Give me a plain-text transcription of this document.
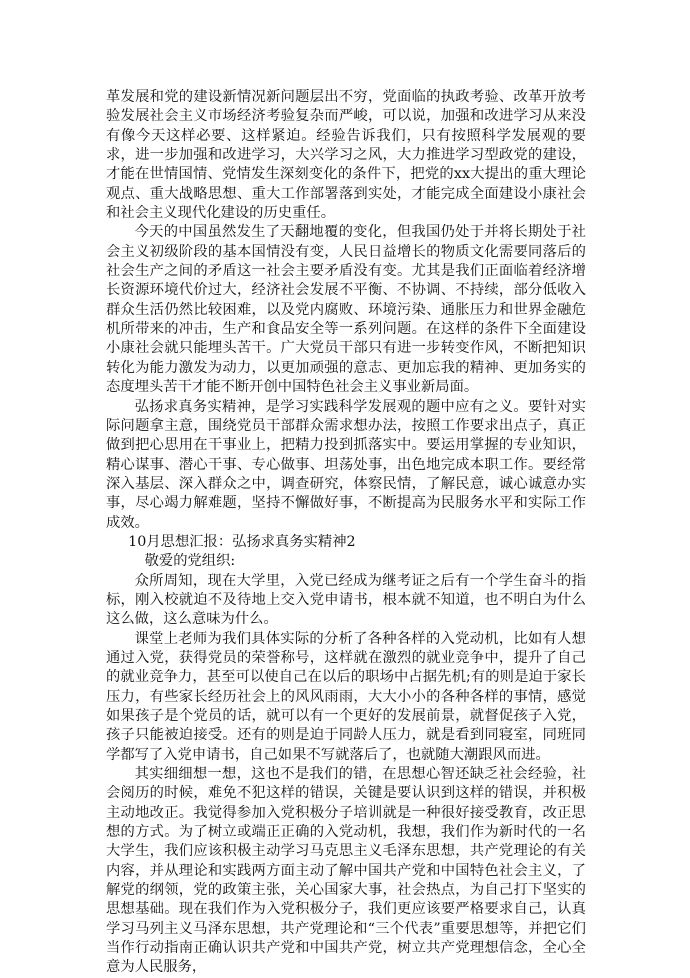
革发展和党的建设新情况新问题层出不穷，党面临的执政考验、改革开放考验发展社会主义市场经济考验复杂而严峻，可以说，加强和改进学习从来没有像今天这样必要、这样紧迫。经验告诉我们，只有按照科学发展观的要求，进一步加强和改进学习，大兴学习之风，大力推进学习型政党的建设，才能在世情国情、党情发生深刻变化的条件下，把党的xx大提出的重大理论观点、重大战略思想、重大工作部署落到实处，才能完成全面建设小康社会和社会主义现代化建设的历史重任。

今天的中国虽然发生了天翻地覆的变化，但我国仍处于并将长期处于社会主义初级阶段的基本国情没有变，人民日益增长的物质文化需要同落后的社会生产之间的矛盾这一社会主要矛盾没有变。尤其是我们正面临着经济增长资源环境代价过大，经济社会发展不平衡、不协调、不持续，部分低收入群众生活仍然比较困难，以及党内腐败、环境污染、通胀压力和世界金融危机所带来的冲击，生产和食品安全等一系列问题。在这样的条件下全面建设小康社会就只能埋头苦干。广大党员干部只有进一步转变作风，不断把知识转化为能力激发为动力，以更加顽强的意志、更加忘我的精神、更加务实的态度埋头苦干才能不断开创中国特色社会主义事业新局面。

弘扬求真务实精神，是学习实践科学发展观的题中应有之义。要针对实际问题拿主意，围绕党员干部群众需求想办法，按照工作要求出点子，真正做到把心思用在干事业上，把精力投到抓落实中。要运用掌握的专业知识，精心谋事、潜心干事、专心做事、坦荡处事，出色地完成本职工作。要经常深入基层、深入群众之中，调查研究，体察民情，了解民意，诚心诚意办实事，尽心竭力解难题，坚持不懈做好事，不断提高为民服务水平和实际工作成效。

10月思想汇报：弘扬求真务实精神2

敬爱的党组织:

众所周知，现在大学里，入党已经成为继考证之后有一个学生奋斗的指标，刚入校就迫不及待地上交入党申请书，根本就不知道，也不明白为什么这么做，这么意味为什么。

课堂上老师为我们具体实际的分析了各种各样的入党动机，比如有人想通过入党，获得党员的荣誉称号，这样就在激烈的就业竞争中，提升了自己的就业竞争力，甚至可以使自己在以后的职场中占据先机;有的则是迫于家长压力，有些家长经历社会上的风风雨雨，大大小小的各种各样的事情，感觉如果孩子是个党员的话，就可以有一个更好的发展前景，就督促孩子入党，孩子只能被迫接受。还有的则是迫于同龄人压力，就是看到同寝室，同班同学都写了入党申请书，自己如果不写就落后了，也就随大潮跟风而进。

其实细细想一想，这也不是我们的错，在思想心智还缺乏社会经验，社会阅历的时候，难免不犯这样的错误，关键是要认识到这样的错误，并积极主动地改正。我觉得参加入党积极分子培训就是一种很好接受教育，改正思想的方式。为了树立或端正正确的入党动机，我想，我们作为新时代的一名大学生，我们应该积极主动学习马克思主义毛泽东思想，共产党理论的有关内容，并从理论和实践两方面主动了解中国共产党和中国特色社会主义，了解党的纲领，党的政策主张，关心国家大事，社会热点，为自己打下坚实的思想基础。现在我们作为入党积极分子，我们更应该要严格要求自己，认真学习马列主义马泽东思想，共产党理论和“三个代表”重要思想等，并把它们当作行动指南正确认识共产党和中国共产党，树立共产党理想信念，全心全意为人民服务，
